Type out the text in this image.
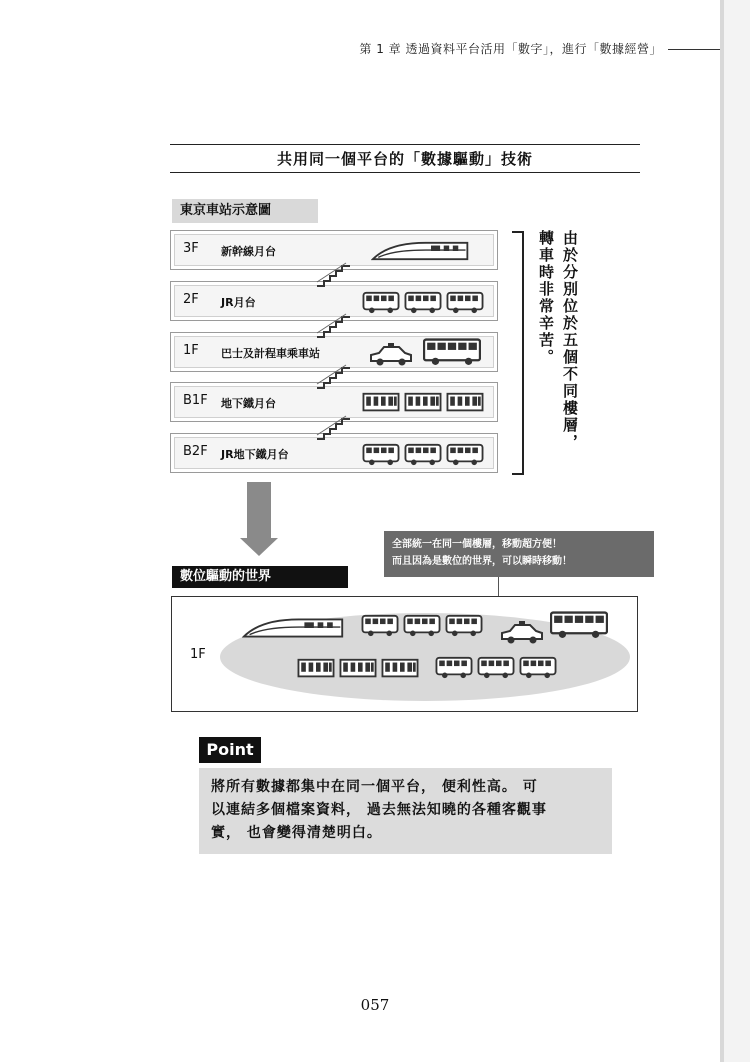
第 1 章 透過資料平台活用「數字」，進行「數據經營」
共用同一個平台的「數據驅動」技術
東京車站示意圖
3F 新幹線月台
2F JR月台
1F 巴士及計程車乘車站
B1F 地下鐵月台
B2F JR地下鐵月台
由於分別位於五個不同樓層，
轉車時非常辛苦。
全部統一在同一個樓層，移動超方便！
而且因為是數位的世界，可以瞬時移動！
數位驅動的世界
1F
Point
將所有數據都集中在同一個平台， 便利性高。 可
以連結多個檔案資料， 過去無法知曉的各種客觀事
實， 也會變得清楚明白。
057
